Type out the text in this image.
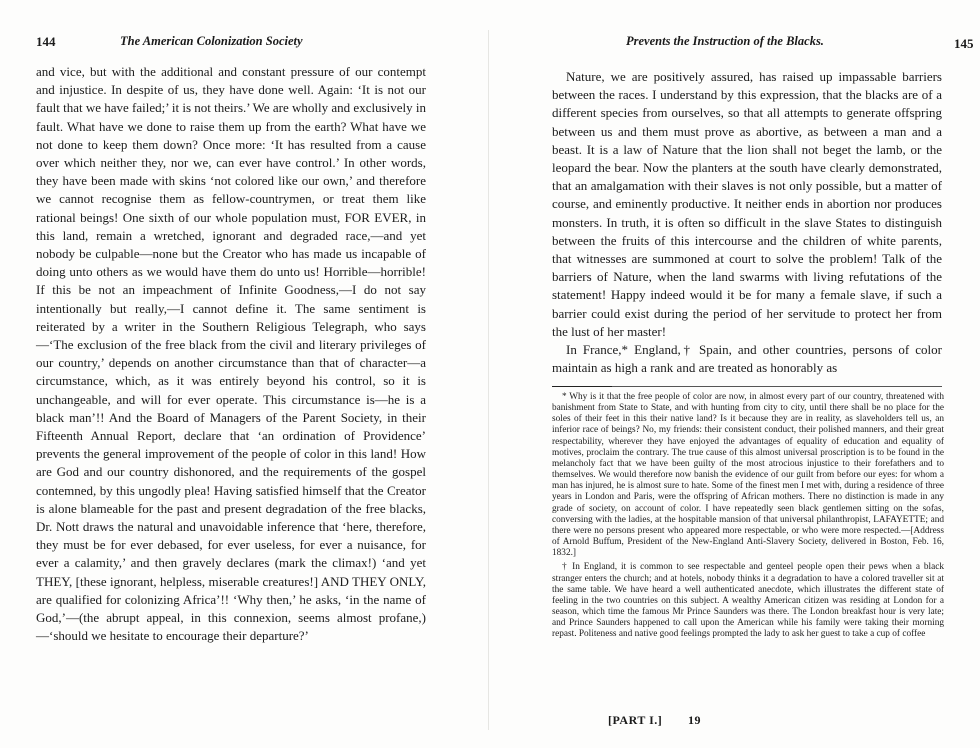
144	The American Colonization Society

and vice, but with the additional and constant pressure of our contempt and injustice. In despite of us, they have done well. Again: ‘It is not our fault that we have failed;’ it is not theirs.’ We are wholly and exclusively in fault. What have we done to raise them up from the earth? What have we not done to keep them down? Once more: ‘It has resulted from a cause over which neither they, nor we, can ever have control.’ In other words, they have been made with skins ‘not colored like our own,’ and therefore we cannot recognise them as fellow-countrymen, or treat them like rational beings! One sixth of our whole population must, FOR EVER, in this land, remain a wretched, ignorant and degraded race,—and yet nobody be culpable—none but the Creator who has made us incapable of doing unto others as we would have them do unto us! Horrible—horrible! If this be not an impeachment of Infinite Goodness,—I do not say intentionally but really,—I cannot define it. The same sentiment is reiterated by a writer in the Southern Religious Telegraph, who says—‘The exclusion of the free black from the civil and literary privileges of our country,’ depends on another circumstance than that of character—a circumstance, which, as it was entirely beyond his control, so it is unchangeable, and will for ever operate. This circumstance is—he is a black man’!! And the Board of Managers of the Parent Society, in their Fifteenth Annual Report, declare that ‘an ordination of Providence’ prevents the general improvement of the people of color in this land! How are God and our country dishonored, and the requirements of the gospel contemned, by this ungodly plea! Having satisfied himself that the Creator is alone blameable for the past and present degradation of the free blacks, Dr. Nott draws the natural and unavoidable inference that ‘here, therefore, they must be for ever debased, for ever useless, for ever a nuisance, for ever a calamity,’ and then gravely declares (mark the climax!) ‘and yet THEY, [these ignorant, helpless, miserable creatures!] AND THEY ONLY, are qualified for colonizing Africa’!! ‘Why then,’ he asks, ‘in the name of God,’—(the abrupt appeal, in this connexion, seems almost profane,)—‘should we hesitate to encourage their departure?’

Prevents the Instruction of the Blacks.	145

Nature, we are positively assured, has raised up impassable barriers between the races. I understand by this expression, that the blacks are of a different species from ourselves, so that all attempts to generate offspring between us and them must prove as abortive, as between a man and a beast. It is a law of Nature that the lion shall not beget the lamb, or the leopard the bear. Now the planters at the south have clearly demonstrated, that an amalgamation with their slaves is not only possible, but a matter of course, and eminently productive. It neither ends in abortion nor produces monsters. In truth, it is often so difficult in the slave States to distinguish between the fruits of this intercourse and the children of white parents, that witnesses are summoned at court to solve the problem! Talk of the barriers of Nature, when the land swarms with living refutations of the statement! Happy indeed would it be for many a female slave, if such a barrier could exist during the period of her servitude to protect her from the lust of her master!

In France,* England,† Spain, and other countries, persons of color maintain as high a rank and are treated as honorably as

* Why is it that the free people of color are now, in almost every part of our country, threatened with banishment from State to State, and with hunting from city to city, until there shall be no place for the soles of their feet in this their native land? Is it because they are in reality, as slaveholders tell us, an inferior race of beings? No, my friends: their consistent conduct, their polished manners, and their great respectability, wherever they have enjoyed the advantages of equality of education and equality of motives, proclaim the contrary. The true cause of this almost universal proscription is to be found in the melancholy fact that we have been guilty of the most atrocious injustice to their forefathers and to themselves. We would therefore now banish the evidence of our guilt from before our eyes: for whom a man has injured, he is almost sure to hate. Some of the finest men I met with, during a residence of three years in London and Paris, were the offspring of African mothers. There no distinction is made in any grade of society, on account of color. I have repeatedly seen black gentlemen sitting on the sofas, conversing with the ladies, at the hospitable mansion of that universal philanthropist, LAFAYETTE; and there were no persons present who appeared more respectable, or who were more respected.—[Address of Arnold Buffum, President of the New-England Anti-Slavery Society, delivered in Boston, Feb. 16, 1832.]

† In England, it is common to see respectable and genteel people open their pews when a black stranger enters the church; and at hotels, nobody thinks it a degradation to have a colored traveller sit at the same table. We have heard a well authenticated anecdote, which illustrates the different state of feeling in the two countries on this subject. A wealthy American citizen was residing at London for a season, which time the famous Mr Prince Saunders was there. The London breakfast hour is very late; and Prince Saunders happened to call upon the American while his family were taking their morning repast. Politeness and native good feelings prompted the lady to ask her guest to take a cup of coffee

[PART I.] 19
